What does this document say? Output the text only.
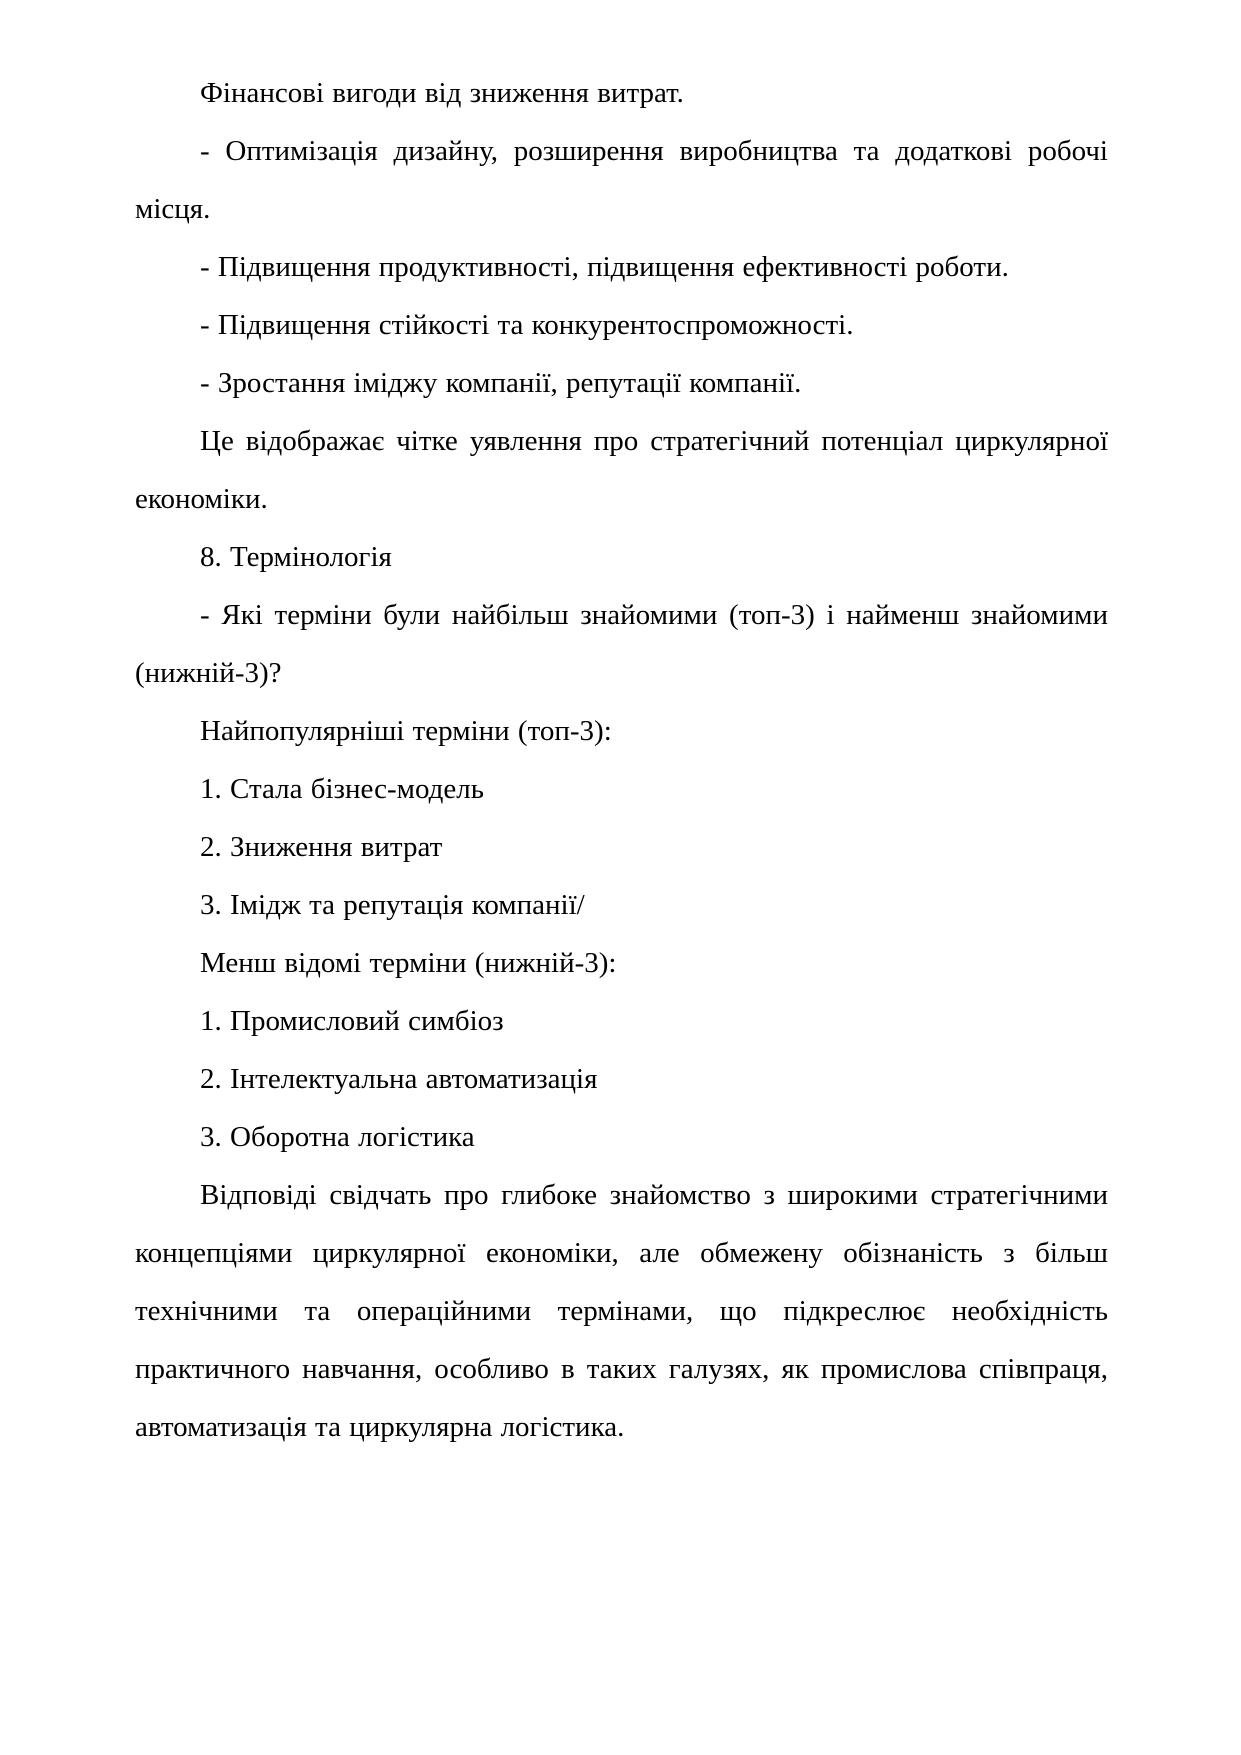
Фінансові вигоди від зниження витрат.

- Оптимізація дизайну, розширення виробництва та додаткові робочі місця.

- Підвищення продуктивності, підвищення ефективності роботи.

- Підвищення стійкості та конкурентоспроможності.

- Зростання іміджу компанії, репутації компанії.

Це відображає чітке уявлення про стратегічний потенціал циркулярної економіки.

8. Термінологія

- Які терміни були найбільш знайомими (топ-3) і найменш знайомими (нижній-3)?

Найпопулярніші терміни (топ-3):

1. Стала бізнес-модель

2. Зниження витрат

3. Імідж та репутація компанії/

Менш відомі терміни (нижній-3):

1. Промисловий симбіоз

2. Інтелектуальна автоматизація

3. Оборотна логістика

Відповіді свідчать про глибоке знайомство з широкими стратегічними концепціями циркулярної економіки, але обмежену обізнаність з більш технічними та операційними термінами, що підкреслює необхідність практичного навчання, особливо в таких галузях, як промислова співпраця, автоматизація та циркулярна логістика.
